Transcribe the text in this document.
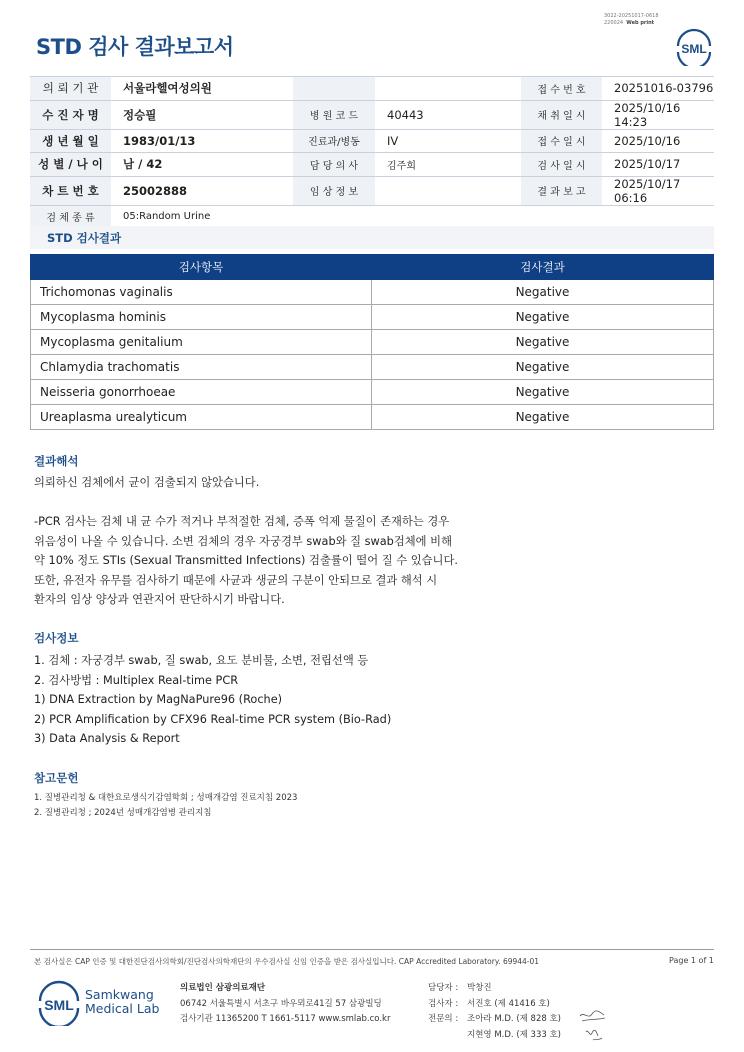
3022-20251017-0618
220024 Web print
STD 검사 결과보고서	SML
의 뢰 기 관	서울라헬여성의원			접 수 번 호	20251016-03796
수 진 자 명	정승필	병 원 코 드	40443	채 취 일 시	2025/10/16 14:23
생 년 월 일	1983/01/13	진료과/병동	IV	접 수 일 시	2025/10/16
성 별 / 나 이	남 / 42	담 당 의 사	김주희	검 사 일 시	2025/10/17
차 트 번 호	25002888	임 상 정 보		결 과 보 고	2025/10/17 06:16
검 체 종 류	05:Random Urine				
STD 검사결과
검사항목	검사결과
Trichomonas vaginalis	Negative
Mycoplasma hominis	Negative
Mycoplasma genitalium	Negative
Chlamydia trachomatis	Negative
Neisseria gonorrhoeae	Negative
Ureaplasma urealyticum	Negative
결과해석
의뢰하신 검체에서 균이 검출되지 않았습니다.

-PCR 검사는 검체 내 균 수가 적거나 부적절한 검체, 증폭 억제 물질이 존재하는 경우
위음성이 나올 수 있습니다. 소변 검체의 경우 자궁경부 swab와 질 swab검체에 비해
약 10% 정도 STIs (Sexual Transmitted Infections) 검출률이 떨어 질 수 있습니다.
또한, 유전자 유무를 검사하기 때문에 사균과 생균의 구분이 안되므로 결과 해석 시
환자의 임상 양상과 연관지어 판단하시기 바랍니다.
검사정보
1. 검체 : 자궁경부 swab, 질 swab, 요도 분비물, 소변, 전립선액 등
2. 검사방법 : Multiplex Real-time PCR
1) DNA Extraction by MagNaPure96 (Roche)
2) PCR Amplification by CFX96 Real-time PCR system (Bio-Rad)
3) Data Analysis & Report
참고문헌
1. 질병관리청 & 대한요로생식기감염학회 ; 성매개감염 진료지침 2023
2. 질병관리청 ; 2024년 성매개감염병 관리지침
본 검사실은 CAP 인증 및 대한진단검사의학회/진단검사의학재단의 우수검사실 신임 인증을 받은 검사실입니다. CAP Accredited Laboratory. 69944-01	Page 1 of 1
SML
Samkwang
Medical Lab
의료법인 삼광의료재단
06742 서울특별시 서초구 바우뫼로41길 57 삼광빌딩
검사기관 11365200 T 1661-5117 www.smlab.co.kr
담당자 : 박창진
검사자 : 서진호 (제 41416 호)
전문의 : 조아라 M.D. (제 828 호)
지현영 M.D. (제 333 호)
